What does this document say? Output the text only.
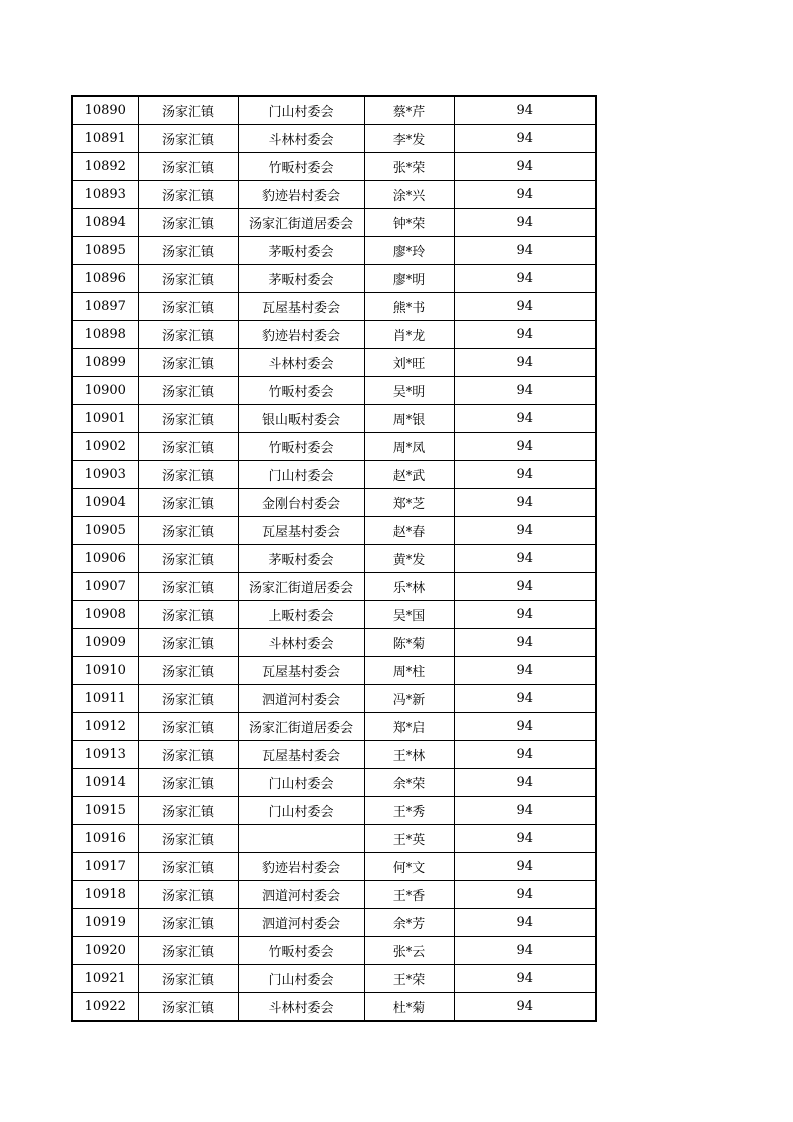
10890	汤家汇镇	门山村委会	蔡*芹	94
10891	汤家汇镇	斗林村委会	李*发	94
10892	汤家汇镇	竹畈村委会	张*荣	94
10893	汤家汇镇	豹迹岩村委会	涂*兴	94
10894	汤家汇镇	汤家汇街道居委会	钟*荣	94
10895	汤家汇镇	茅畈村委会	廖*玲	94
10896	汤家汇镇	茅畈村委会	廖*明	94
10897	汤家汇镇	瓦屋基村委会	熊*书	94
10898	汤家汇镇	豹迹岩村委会	肖*龙	94
10899	汤家汇镇	斗林村委会	刘*旺	94
10900	汤家汇镇	竹畈村委会	吴*明	94
10901	汤家汇镇	银山畈村委会	周*银	94
10902	汤家汇镇	竹畈村委会	周*凤	94
10903	汤家汇镇	门山村委会	赵*武	94
10904	汤家汇镇	金刚台村委会	郑*芝	94
10905	汤家汇镇	瓦屋基村委会	赵*春	94
10906	汤家汇镇	茅畈村委会	黄*发	94
10907	汤家汇镇	汤家汇街道居委会	乐*林	94
10908	汤家汇镇	上畈村委会	吴*国	94
10909	汤家汇镇	斗林村委会	陈*菊	94
10910	汤家汇镇	瓦屋基村委会	周*柱	94
10911	汤家汇镇	泗道河村委会	冯*新	94
10912	汤家汇镇	汤家汇街道居委会	郑*启	94
10913	汤家汇镇	瓦屋基村委会	王*林	94
10914	汤家汇镇	门山村委会	余*荣	94
10915	汤家汇镇	门山村委会	王*秀	94
10916	汤家汇镇		王*英	94
10917	汤家汇镇	豹迹岩村委会	何*文	94
10918	汤家汇镇	泗道河村委会	王*香	94
10919	汤家汇镇	泗道河村委会	余*芳	94
10920	汤家汇镇	竹畈村委会	张*云	94
10921	汤家汇镇	门山村委会	王*荣	94
10922	汤家汇镇	斗林村委会	杜*菊	94
